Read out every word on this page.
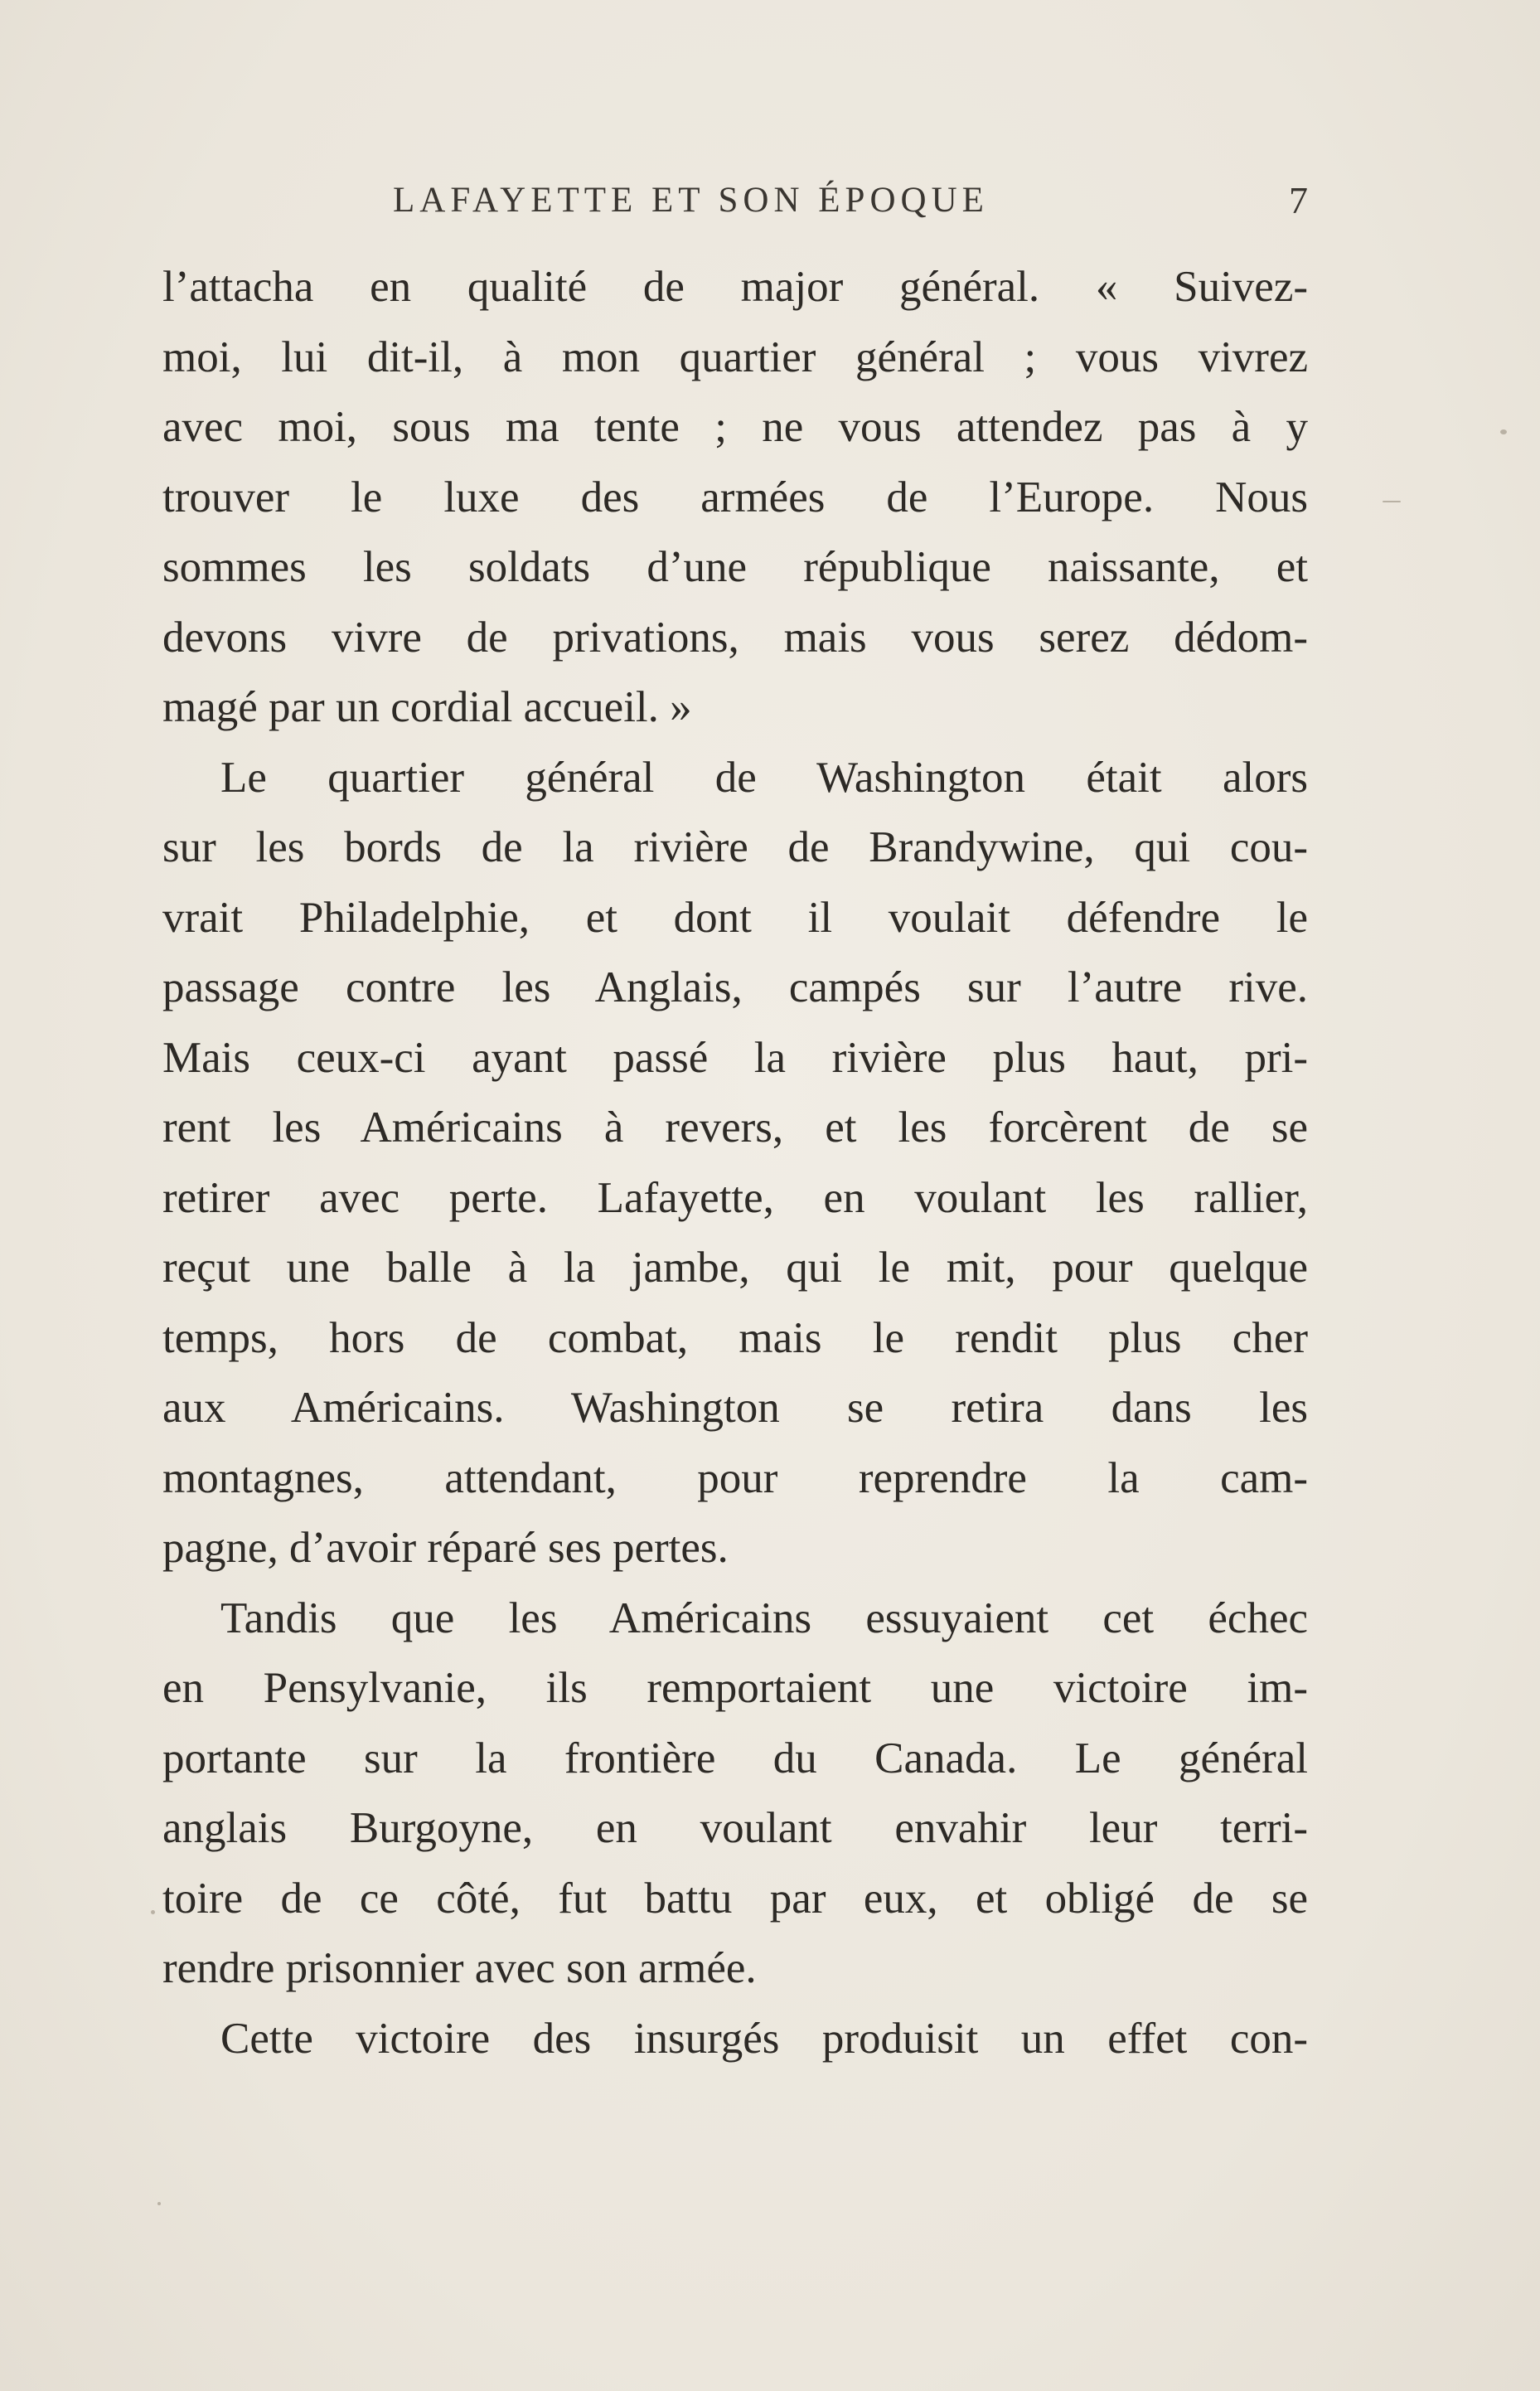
LAFAYETTE ET SON ÉPOQUE	7
l’attacha en qualité de major général. « Suivez-
moi, lui dit-il, à mon quartier général ; vous vivrez
avec moi, sous ma tente ; ne vous attendez pas à y
trouver le luxe des armées de l’Europe. Nous
sommes les soldats d’une république naissante, et
devons vivre de privations, mais vous serez dédom-
magé par un cordial accueil. »
Le quartier général de Washington était alors
sur les bords de la rivière de Brandywine, qui cou-
vrait Philadelphie, et dont il voulait défendre le
passage contre les Anglais, campés sur l’autre rive.
Mais ceux-ci ayant passé la rivière plus haut, pri-
rent les Américains à revers, et les forcèrent de se
retirer avec perte. Lafayette, en voulant les rallier,
reçut une balle à la jambe, qui le mit, pour quelque
temps, hors de combat, mais le rendit plus cher
aux Américains. Washington se retira dans les
montagnes, attendant, pour reprendre la cam-
pagne, d’avoir réparé ses pertes.
Tandis que les Américains essuyaient cet échec
en Pensylvanie, ils remportaient une victoire im-
portante sur la frontière du Canada. Le général
anglais Burgoyne, en voulant envahir leur terri-
toire de ce côté, fut battu par eux, et obligé de se
rendre prisonnier avec son armée.
Cette victoire des insurgés produisit un effet con-
